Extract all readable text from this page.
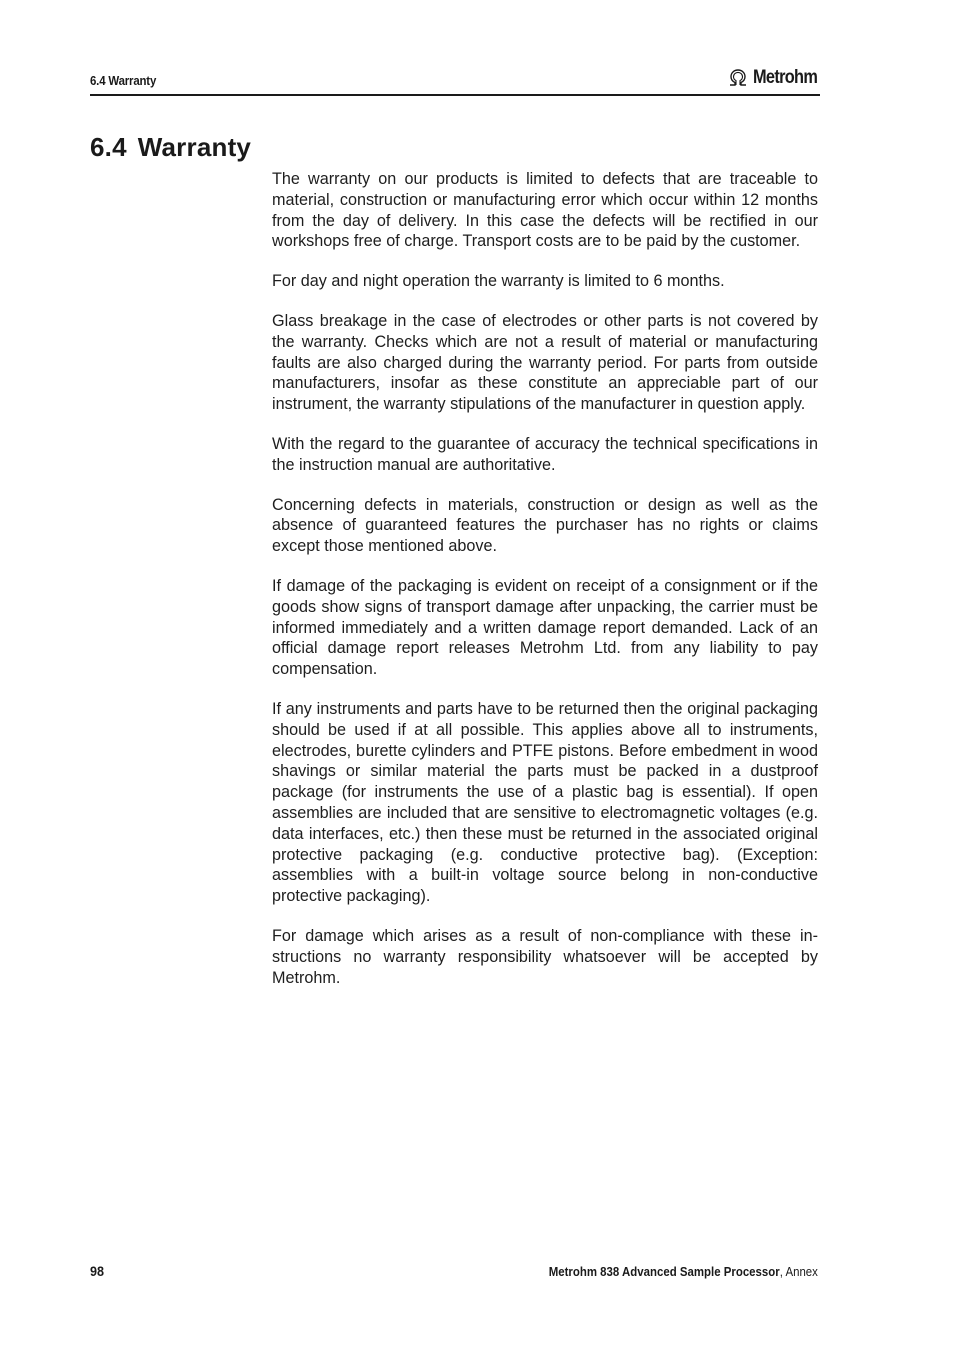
6.4 Warranty	Metrohm
6.4 Warranty

The warranty on our products is limited to defects that are traceable to material, construction or manufacturing error which occur within 12 months from the day of delivery. In this case the defects will be rectified in our workshops free of charge. Transport costs are to be paid by the customer.

For day and night operation the warranty is limited to 6 months.

Glass breakage in the case of electrodes or other parts is not covered by the warranty. Checks which are not a result of material or manufacturing faults are also charged during the warranty period. For parts from outside manufacturers, insofar as these constitute an appreciable part of our instrument, the warranty stipulations of the manufacturer in question apply.

With the regard to the guarantee of accuracy the technical specifications in the instruction manual are authoritative.

Concerning defects in materials, construction or design as well as the absence of guaranteed features the purchaser has no rights or claims except those mentioned above.

If damage of the packaging is evident on receipt of a consignment or if the goods show signs of transport damage after unpacking, the carrier must be informed immediately and a written damage report demanded. Lack of an official damage report releases Metrohm Ltd. from any liability to pay compensation.

If any instruments and parts have to be returned then the original packaging should be used if at all possible. This applies above all to instruments, electrodes, burette cylinders and PTFE pistons. Before embedment in wood shavings or similar material the parts must be packed in a dustproof package (for instruments the use of a plastic bag is essential). If open assemblies are included that are sensitive to electromagnetic voltages (e.g. data interfaces, etc.) then these must be returned in the associated original protective packaging (e.g. conductive protective bag). (Exception: assemblies with a built-in voltage source belong in non-conductive protective packaging).

For damage which arises as a result of non-compliance with these instructions no warranty responsibility whatsoever will be accepted by Metrohm.

98	Metrohm 838 Advanced Sample Processor, Annex
